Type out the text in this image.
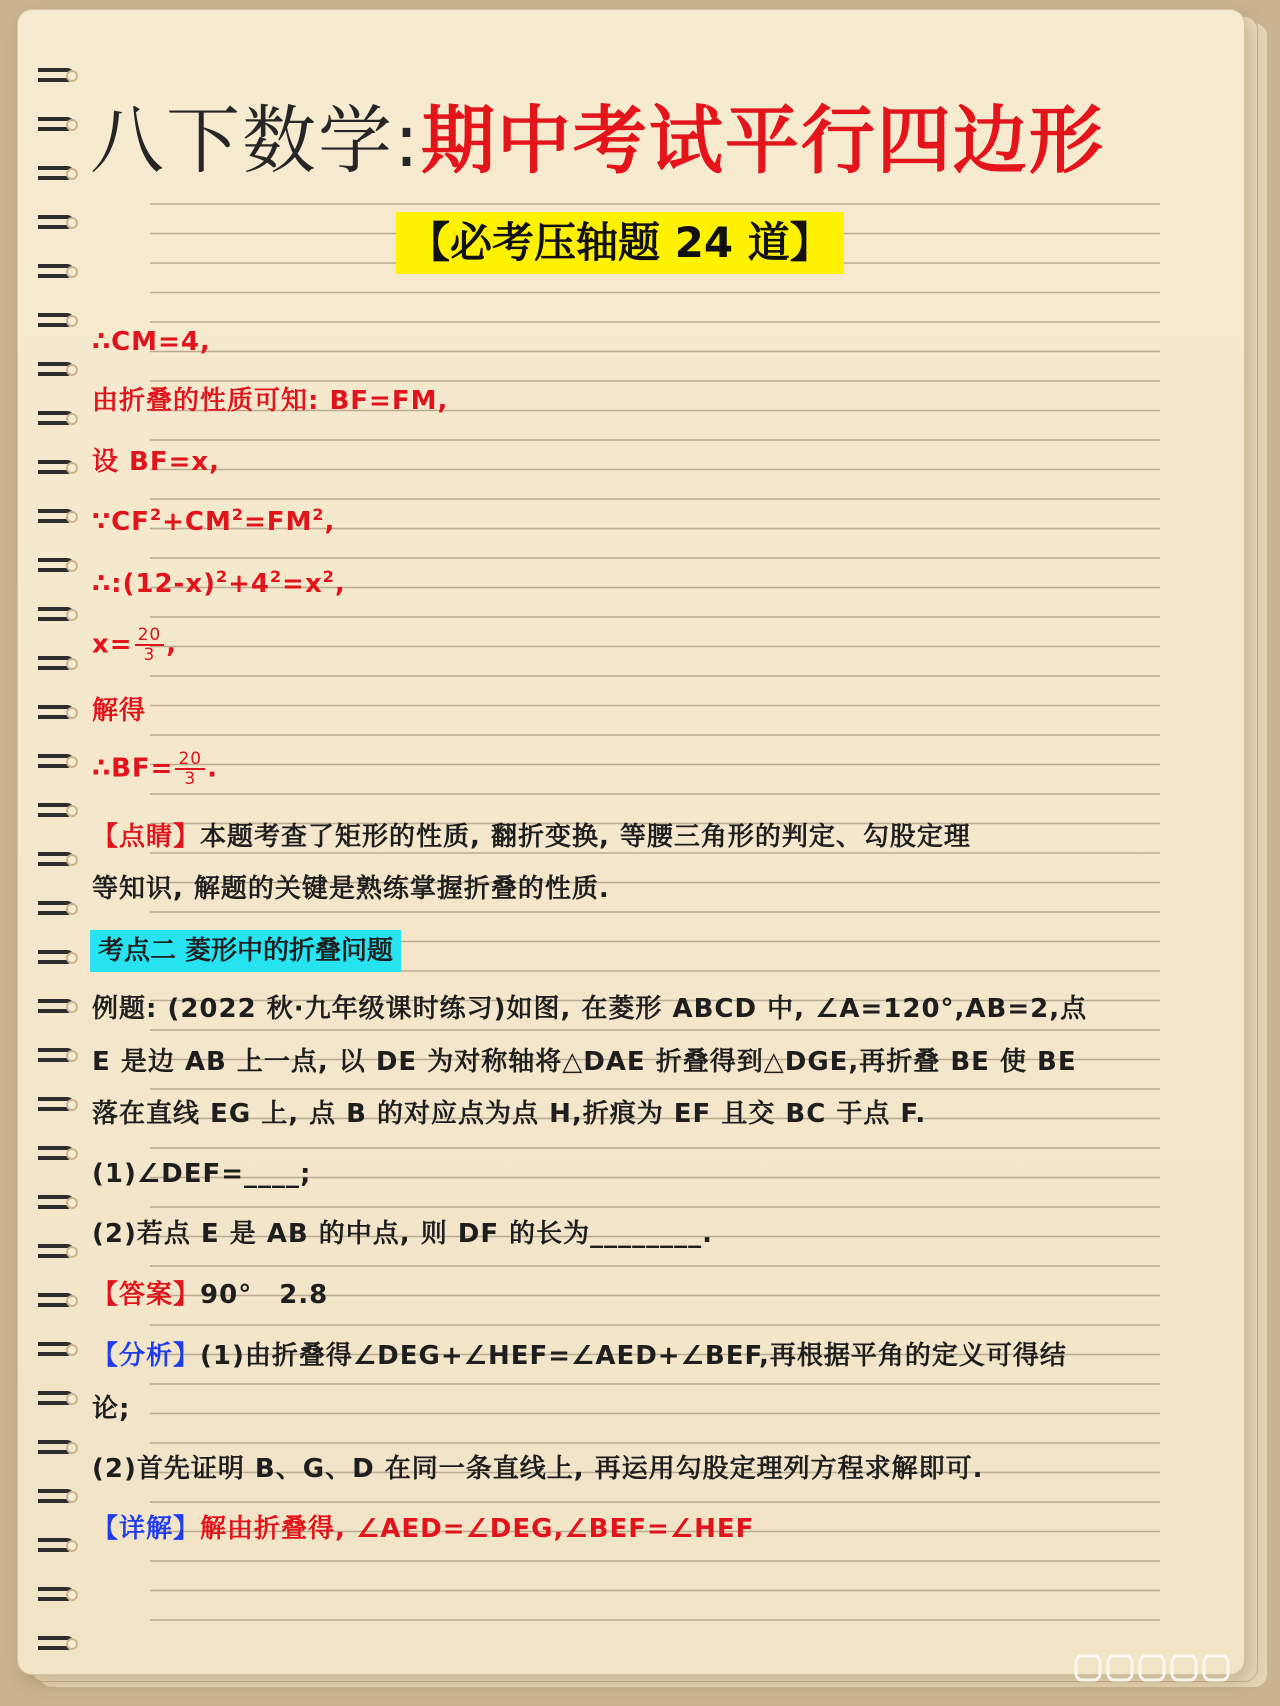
八下数学:期中考试平行四边形
【必考压轴题 24 道】
∴CM=4,
由折叠的性质可知: BF=FM,
设 BF=x,
$\because CF^2+CM^2=FM^2$,
$\therefore:(12-x)^2+4^2=x^2$,
$x= \frac{20}{3}$ ,
解得
∴BF= $\frac{20}{3}$ .
【点睛】本题考查了矩形的性质, 翻折变换, 等腰三角形的判定、勾股定理
等知识, 解题的关键是熟练掌握折叠的性质.
考点二 菱形中的折叠问题
例题: (2022 秋·九年级课时练习)如图, 在菱形 ABCD 中, ∠A=120°,AB=2,点
E 是边 AB 上一点, 以 DE 为对称轴将△DAE 折叠得到△DGE,再折叠 BE 使 BE
落在直线 EG 上, 点 B 的对应点为点 H,折痕为 EF 且交 BC 于点 F.
(1)∠DEF=____;
(2)若点 E 是 AB 的中点, 则 DF 的长为________.
【答案】90°　2.8
【分析】(1)由折叠得∠DEG+∠HEF=∠AED+∠BEF,再根据平角的定义可得结
论;
(2)首先证明 B、G、D 在同一条直线上, 再运用勾股定理列方程求解即可.
【详解】解由折叠得, ∠AED=∠DEG,∠BEF=∠HEF
